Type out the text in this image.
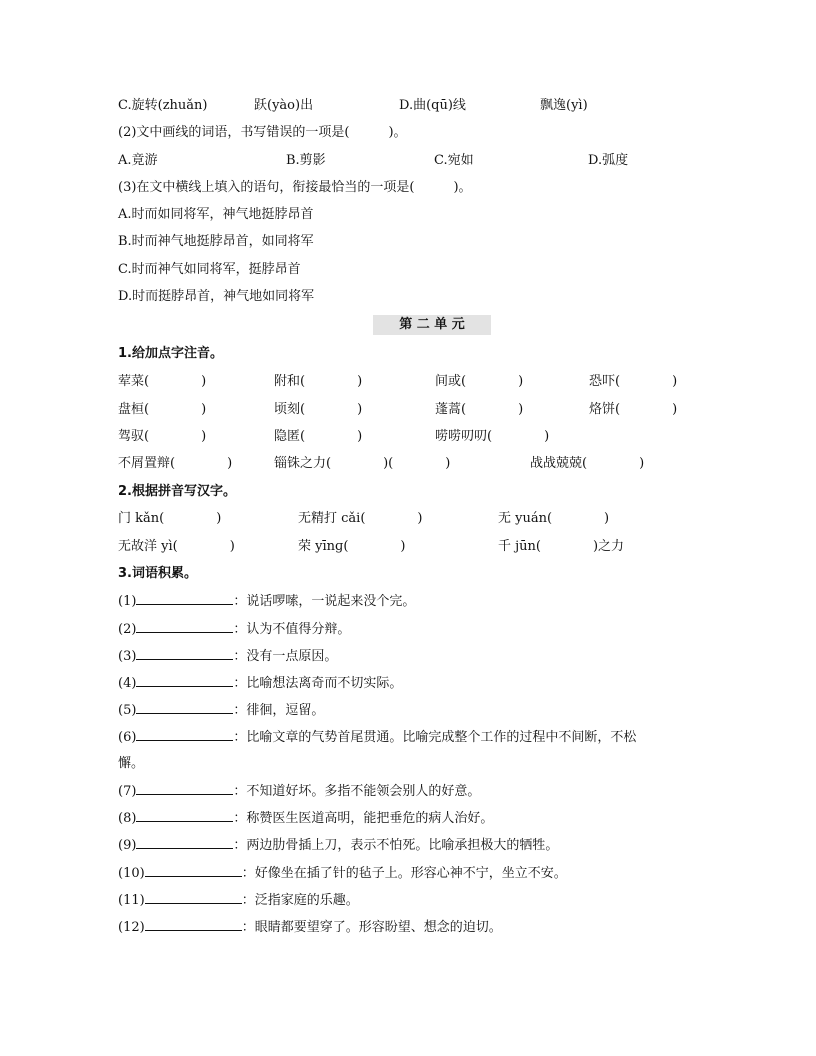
C.旋转(zhuǎn)	跃(yào)出	D.曲(qū)线	飘逸(yì)
(2)文中画线的词语，书写错误的一项是(　　　)。
A.竟游	B.剪影	C.宛如	D.弧度
(3)在文中横线上填入的语句，衔接最恰当的一项是(　　　)。
A.时而如同将军，神气地挺脖昂首
B.时而神气地挺脖昂首，如同将军
C.时而神气如同将军，挺脖昂首
D.时而挺脖昂首，神气地如同将军
第 二 单 元
1.给加点字注音。
荤菜(　　　　)	附和(　　　　)	间或(　　　　)	恐吓(　　　　)
盘桓(　　　　)	顷刻(　　　　)	蓬蒿(　　　　)	烙饼(　　　　)
驾驭(　　　　)	隐匿(　　　　)	唠唠叨叨(　　　　)
不屑置辩(　　　　)	锱铢之力(　　　　)(　　　　)	战战兢兢(　　　　)
2.根据拼音写汉字。
门 kǎn(　　　　)	无精打 cǎi(　　　　)	无 yuán(　　　　)
无故洋 yì(　　　　)	荣 yīnɡ(　　　　)	千 jūn(　　　　)之力
3.词语积累。
(1)	：说话啰嗦，一说起来没个完。
(2)	：认为不值得分辩。
(3)	：没有一点原因。
(4)	：比喻想法离奇而不切实际。
(5)	：徘徊，逗留。
(6)	：比喻文章的气势首尾贯通。比喻完成整个工作的过程中不间断，不松
懈。
(7)	：不知道好坏。多指不能领会别人的好意。
(8)	：称赞医生医道高明，能把垂危的病人治好。
(9)	：两边肋骨插上刀，表示不怕死。比喻承担极大的牺牲。
(10)	：好像坐在插了针的毡子上。形容心神不宁，坐立不安。
(11)	：泛指家庭的乐趣。
(12)	：眼睛都要望穿了。形容盼望、想念的迫切。
